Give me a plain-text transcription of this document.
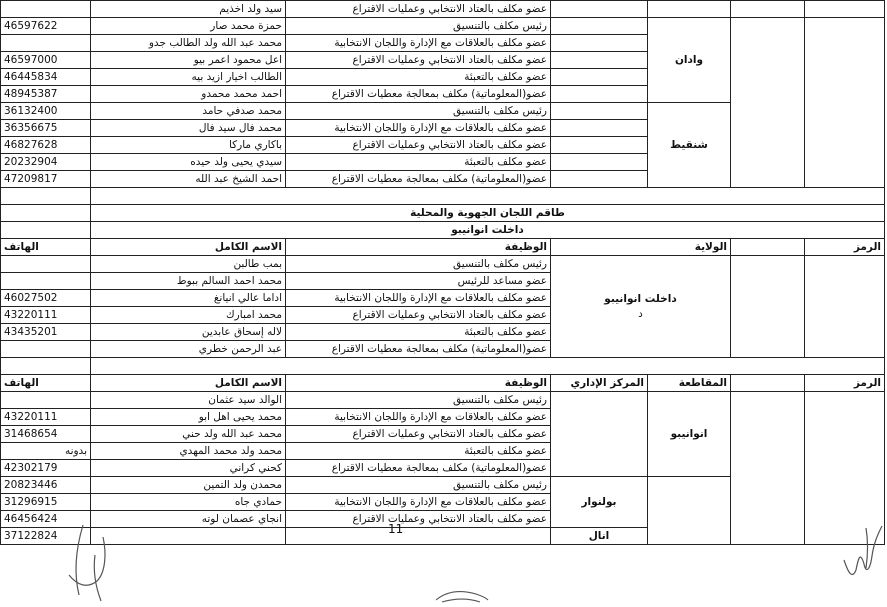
	سيد ولد اخذيم	عضو مكلف بالعتاد الانتخابي وعمليات الاقتراع					
46597622	حمزة محمد صار	رئيس مكلف بالتنسيق		وادان			
	محمد عبد الله ولد الطالب جدو	عضو مكلف بالعلاقات مع الإدارة واللجان الانتخابية					
46597000	اعل محمود اعمر بيو	عضو مكلف بالعتاد الانتخابي وعمليات الاقتراع					
46445834	الطالب اخيار ازيد بيه	عضو مكلف بالتعبئة					
48945387	احمد محمد محمدو	عضو(المعلوماتية) مكلف بمعالجة معطيات الاقتراع					
36132400	محمد صدفي حامد	رئيس مكلف بالتنسيق		شنقيط			
36356675	محمد فال سيد فال	عضو مكلف بالعلاقات مع الإدارة واللجان الانتخابية					
46827628	باكاري ماركا	عضو مكلف بالعتاد الانتخابي وعمليات الاقتراع					
20232904	سيدي يحيى ولد حيده	عضو مكلف بالتعبئة					
47209817	احمد الشيخ عبد الله	عضو(المعلوماتية) مكلف بمعالجة معطيات الاقتراع					

	طاقم اللجان الجهوية والمحلية						
	داخلت انوانيبو						
الهاتف	الاسم الكامل	الوظيفة	الولاية			الرمز	
	بمب طالبن	رئيس مكلف بالتنسيق	داخلت انوانيبو
د				

	محمد احمد السالم ببوط	عضو مساعد للرئيس					
46027502	اداما عالي انيانغ	عضو مكلف بالعلاقات مع الإدارة واللجان الانتخابية					
43220111	محمد امبارك	عضو مكلف بالعتاد الانتخابي وعمليات الاقتراع					
43435201	لاله إسحاق عابدين	عضو مكلف بالتعبئة					
	عبد الرحمن خطري	عضو(المعلوماتية) مكلف بمعالجة معطيات الاقتراع					

الهاتف	الاسم الكامل	الوظيفة	المركز الإداري	المقاطعة		الرمز	
	الوالد سيد عثمان	رئيس مكلف بالتنسيق		انوانيبو			
43220111	محمد يحيى اهل ابو	عضو مكلف بالعلاقات مع الإدارة واللجان الانتخابية					
31468654	محمد عبد الله ولد حني	عضو مكلف بالعتاد الانتخابي وعمليات الاقتراع					
بدونه	محمد ولد محمد المهدي	عضو مكلف بالتعبئة					
42302179	كحني كراني	عضو(المعلوماتية) مكلف بمعالجة معطيات الاقتراع					
20823446	محمدن ولد التمين	رئيس مكلف بالتنسيق	بولنوار				
31296915	حمادي جاه	عضو مكلف بالعلاقات مع الإدارة واللجان الانتخابية					
46456424	انجاي عصمان لوته	عضو مكلف بالعتاد الانتخابي وعمليات الاقتراع					
37122824			انال				
11
